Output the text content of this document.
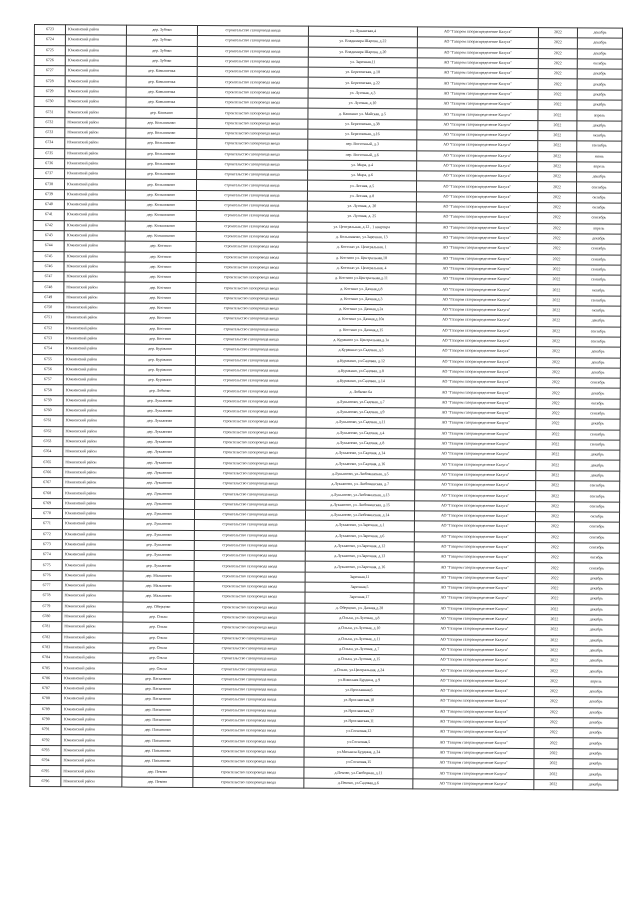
6723	Южненский район	дер. Зубово	строительство газопровода ввода	ул. Лунанская,4	АО "Газпром газораспределение Калуга"	2022	декабрь
6724	Южненский район	дер. Зубово	строительство газопровода ввода	ул. Владимира Шарова, д.22	АО "Газпром газораспределение Калуга"	2022	декабрь
6725	Южненский район	дер. Зубово	строительство газопровода ввода	ул. Владимира Шарова, д.20	АО "Газпром газораспределение Калуга"	2022	декабрь
6726	Южненский район	дер. Зубово	строительство газопровода ввода	ул. Заречная,11	АО "Газпром газораспределение Калуга"	2022	октябрь
6727	Южненский район	дер. Камышенка	строительство газопровода ввода	ул. Березовская, д.18	АО "Газпром газораспределение Калуга"	2022	декабрь
6728	Южненский район	дер. Камышенка	строительство газопровода ввода	ул. Березовская, д.22	АО "Газпром газораспределение Калуга"	2022	декабрь
6729	Южненский район	дер. Камышенка	строительство газопровода ввода	ул. Луговая, д.3	АО "Газпром газораспределение Калуга"	2022	декабрь
6730	Южненский район	дер. Камышенка	строительство газопровода ввода	ул. Луговая, д.10	АО "Газпром газораспределение Калуга"	2022	декабрь
6731	Южненский район	дер. Кашкино	строительство газопровода ввода	д. Кашкино ул. Майская, д.5	АО "Газпром газораспределение Калуга"	2022	апрель
6732	Южненский район	дер. Кольшиково	строительство газопровода ввода	ул. Березовская, д.38	АО "Газпром газораспределение Калуга"	2022	декабрь
6733	Южненский район	дер. Кольшиково	строительство газопровода ввода	ул. Березовская, д.16	АО "Газпром газораспределение Калуга"	2022	октябрь
6734	Южненский район	дер. Кольшиково	строительство газопровода ввода	пер. Восточный, д.3	АО "Газпром газораспределение Калуга"	2022	сентябрь
6735	Южненский район	дер. Кольшиково	строительство газопровода ввода	пер. Восточный, д.6	АО "Газпром газораспределение Калуга"	2022	июнь
6736	Южненский район	дер. Кольшиково	строительство газопровода ввода	ул. Мира, д.4	АО "Газпром газораспределение Калуга"	2022	апрель
6737	Южненский район	дер. Кольшиково	строительство газопровода ввода	ул. Мира, д.6	АО "Газпром газораспределение Калуга"	2022	декабрь
6738	Южненский район	дер. Кольшиково	строительство газопровода ввода	ул. Лесная, д.5	АО "Газпром газораспределение Калуга"	2022	сентябрь
6739	Южненский район	дер. Кольшиково	строительство газопровода ввода	ул. Лесная, д.8	АО "Газпром газораспределение Калуга"	2022	октябрь
6740	Южненский район	дер. Кольшиково	строительство газопровода ввода	ул. Луговая, д. 20	АО "Газпром газораспределение Калуга"	2022	октябрь
6741	Южненский район	дер. Кольшиково	строительство газопровода ввода	ул. Луговая, д. 25	АО "Газпром газораспределение Калуга"	2022	сентябрь
6742	Южненский район	дер. Кольшиково	строительство газопровода ввода	ул. Центральная, д.12 , 1 квартира	АО "Газпром газораспределение Калуга"	2022	апрель
6743	Южненский район	дер. Кольшиково	строительство газопровода ввода	д. Кольшиково, ул.Заречная, 13	АО "Газпром газораспределение Калуга"	2022	декабрь
6744	Южненский район	дер. Костино	строительство газопровода ввода	д. Костино ул. Центральная, 1	АО "Газпром газораспределение Калуга"	2022	сентябрь
6745	Южненский район	дер. Костино	строительство газопровода ввода	д. Костино ул. Центральная,18	АО "Газпром газораспределение Калуга"	2022	сентябрь
6746	Южненский район	дер. Костино	строительство газопровода ввода	д. Костино ул. Центральная, 4	АО "Газпром газораспределение Калуга"	2022	сентябрь
6747	Южненский район	дер. Костино	строительство газопровода ввода	д. Костино ул.Центральная,д.11	АО "Газпром газораспределение Калуга"	2022	сентябрь
6748	Южненский район	дер. Костино	строительство газопровода ввода	д. Костино ул. Дачная,д.8	АО "Газпром газораспределение Калуга"	2022	октябрь
6749	Южненский район	дер. Костино	строительство газопровода ввода	д. Костино ул. Дачная,д.3	АО "Газпром газораспределение Калуга"	2022	сентябрь
6750	Южненский район	дер. Костино	строительство газопровода ввода	д. Костино ул. Дачная,д.2а	АО "Газпром газораспределение Калуга"	2022	октябрь
6751	Южненский район	дер. Костино	строительство газопровода ввода	д. Костино ул. Дачная,д.10а	АО "Газпром газораспределение Калуга"	2022	декабрь
6752	Южненский район	дер. Костино	строительство газопровода ввода	д. Костино ул. Дачная,д.15	АО "Газпром газораспределение Калуга"	2022	сентябрь
6753	Южненский район	дер. Костино	строительство газопровода ввода	д. Куракино ул. Центральная,д.1а	АО "Газпром газораспределение Калуга"	2022	сентябрь
6754	Южненский район	дер. Куракино	строительство газопровода ввода	д.Куракино ул.Садовая, д.3	АО "Газпром газораспределение Калуга"	2022	декабрь
6755	Южненский район	дер. Куракино	строительство газопровода ввода	д.Куракино, ул.Садовая, д.12	АО "Газпром газораспределение Калуга"	2022	декабрь
6756	Южненский район	дер. Куракино	строительство газопровода ввода	д.Куракино, ул.Садовая, д.8	АО "Газпром газораспределение Калуга"	2022	декабрь
6757	Южненский район	дер. Куракино	строительство газопровода ввода	д.Куракино, ул.Садовая, д.14	АО "Газпром газораспределение Калуга"	2022	сентябрь
6758	Южненский район	дер. Лобково	строительство газопровода ввода	д. Лобково 6а	АО "Газпром газораспределение Калуга"	2022	декабрь
6759	Южненский район	дер. Лукьяново	строительство газопровода ввода	д.Лукьяново, ул.Садовая, д.7	АО "Газпром газораспределение Калуга"	2022	октябрь
6760	Южненский район	дер. Лукьяново	строительство газопровода ввода	д.Лукьяново, ул.Садовая, д.9	АО "Газпром газораспределение Калуга"	2022	сентябрь
6761	Южненский район	дер. Лукьяново	строительство газопровода ввода	д.Лукьяново, ул.Садовая, д.11	АО "Газпром газораспределение Калуга"	2022	декабрь
6762	Южненский район	дер. Лукьяново	строительство газопровода ввода	д.Лукьяново, ул.Садовая, д.4	АО "Газпром газораспределение Калуга"	2022	сентябрь
6763	Южненский район	дер. Лукьяново	строительство газопровода ввода	д.Лукьяново, ул.Садовая, д.8	АО "Газпром газораспределение Калуга"	2022	сентябрь
6764	Южненский район	дер. Лукьяново	строительство газопровода ввода	д.Лукьяново, ул.Садовая, д.14	АО "Газпром газораспределение Калуга"	2022	декабрь
6765	Южненский район	дер. Лукьяново	строительство газопровода ввода	д.Лукьяново, ул.Садовая, д.16	АО "Газпром газораспределение Калуга"	2022	декабрь
6766	Южненский район	дер. Лукьяново	строительство газопровода ввода	д.Лукьяново, ул.Любовинская, д.5	АО "Газпром газораспределение Калуга"	2022	декабрь
6767	Южненский район	дер. Лукьяново	строительство газопровода ввода	д.Лукьяново, ул. Любовинская, д.7	АО "Газпром газораспределение Калуга"	2022	сентябрь
6768	Южненский район	дер. Лукьяново	строительство газопровода ввода	д.Лукьяново, ул.Любовинская, д.13	АО "Газпром газораспределение Калуга"	2022	сентябрь
6769	Южненский район	дер. Лукьяново	строительство газопровода ввода	д.Лукьяново, ул. Любовинская, д.15	АО "Газпром газораспределение Калуга"	2022	сентябрь
6770	Южненский район	дер. Лукьяново	строительство газопровода ввода	д.Лукьяново, ул.Любовинская, д.14	АО "Газпром газораспределение Калуга"	2022	октябрь
6771	Южненский район	дер. Лукьяново	строительство газопровода ввода	д.Лукьяново, ул.Заречная, д.1	АО "Газпром газораспределение Калуга"	2022	сентябрь
6772	Южненский район	дер. Лукьяново	строительство газопровода ввода	д.Лукьяново, ул.Заречная, д.6	АО "Газпром газораспределение Калуга"	2022	сентябрь
6773	Южненский район	дер. Лукьяново	строительство газопровода ввода	д.Лукьяново, ул.Заречная, д.12	АО "Газпром газораспределение Калуга"	2022	сентябрь
6774	Южненский район	дер. Лукьяново	строительство газопровода ввода	д.Лукьяново, ул.Заречная, д.13	АО "Газпром газораспределение Калуга"	2022	октябрь
6775	Южненский район	дер. Лукьяново	строительство газопровода ввода	д.Лукьяново, ул.Заречная, д.16	АО "Газпром газораспределение Калуга"	2022	сентябрь
6776	Южненский район	дер. Малышево	строительство газопровода ввода	Заречная,11	АО "Газпром газораспределение Калуга"	2022	декабрь
6777	Южненский район	дер. Малышево	строительство газопровода ввода	Заречная,5	АО "Газпром газораспределение Калуга"	2022	декабрь
6778	Южненский район	дер. Малышево	строительство газопровода ввода	Заречная,17	АО "Газпром газораспределение Калуга"	2022	декабрь
6779	Южненский район	дер. Оберцово	строительство газопровода ввода	д. Оберцово, ул. Дачная,д.28	АО "Газпром газораспределение Калуга"	2022	декабрь
6780	Южненский район	дер. Ольхи	строительство газопровода ввода	д.Ольхи, ул.Луговая, д.8	АО "Газпром газораспределение Калуга"	2022	декабрь
6781	Южненский район	дер. Ольхи	строительство газопровода ввода	д.Ольхи, ул.Луговая, д.10	АО "Газпром газораспределение Калуга"	2022	декабрь
6782	Южненский район	дер. Ольхи	строительство газопровода ввода	д.Ольхи, ул.Луговая, д.11	АО "Газпром газораспределение Калуга"	2022	декабрь
6783	Южненский район	дер. Ольхи	строительство газопровода ввода	д.Ольхи, ул.Луговая, д.7	АО "Газпром газораспределение Калуга"	2022	декабрь
6784	Южненский район	дер. Ольхи	строительство газопровода ввода	д.Ольхи, ул.Луговая, д.15	АО "Газпром газораспределение Калуга"	2022	декабрь
6785	Южненский район	дер. Ольхи	строительство газопровода ввода	д.Ольхи, ул.Центральная, д.24	АО "Газпром газораспределение Калуга"	2022	декабрь
6786	Южненский район	дер. Пасынково	строительство газопровода ввода	ул.Николаев Бурдина, д.9	АО "Газпром газораспределение Калуга"	2022	апрель
6787	Южненский район	дер. Пасынково	строительство газопровода ввода	ул.Ярославная,6	АО "Газпром газораспределение Калуга"	2022	декабрь
6788	Южненский район	дер. Пасынково	строительство газопровода ввода	ул.Ярославская,10	АО "Газпром газораспределение Калуга"	2022	декабрь
6789	Южненский район	дер. Пасынково	строительство газопровода ввода	ул.Ярославская,17	АО "Газпром газораспределение Калуга"	2022	декабрь
6790	Южненский район	дер. Пасынково	строительство газопровода ввода	ул.Ярославская,11	АО "Газпром газораспределение Калуга"	2022	декабрь
6791	Южненский район	дер. Пасынково	строительство газопровода ввода	ул.Сосновая,12	АО "Газпром газораспределение Калуга"	2022	декабрь
6792	Южненский район	дер. Пасынково	строительство газопровода ввода	ул.Сосновая,5	АО "Газпром газораспределение Калуга"	2022	декабрь
6793	Южненский район	дер. Пасынково	строительство газопровода ввода	ул.Михаила Бурдина, д.34	АО "Газпром газораспределение Калуга"	2022	декабрь
6794	Южненский район	дер. Пасынково	строительство газопровода ввода	ул.Сосновая,15	АО "Газпром газораспределение Калуга"	2022	декабрь
6795	Южненский район	дер. Пеково	строительство газопровода ввода	д.Пеково, ул.Свободная, д.11	АО "Газпром газораспределение Калуга"	2022	декабрь
6796	Южненский район	дер. Пеково	строительство газопровода ввода	д.Пеково, ул.Садовая,д.6	АО "Газпром газораспределение Калуга"	2022	декабрь
